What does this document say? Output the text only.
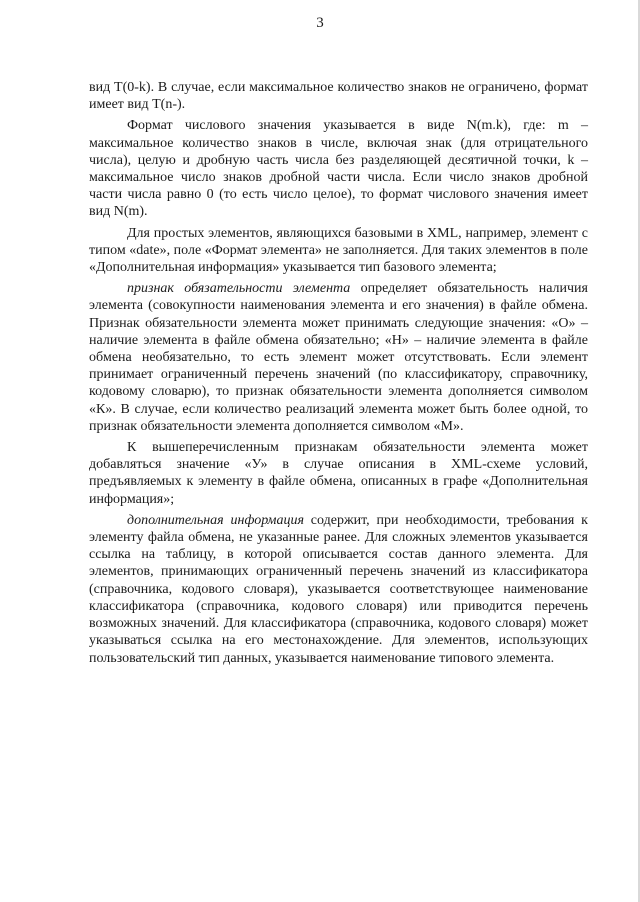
3

вид T(0-k). В случае, если максимальное количество знаков не ограничено, формат имеет вид T(n-).

Формат числового значения указывается в виде N(m.k), где: m – максимальное количество знаков в числе, включая знак (для отрицательного числа), целую и дробную часть числа без разделяющей десятичной точки, k – максимальное число знаков дробной части числа. Если число знаков дробной части числа равно 0 (то есть число целое), то формат числового значения имеет вид N(m).

Для простых элементов, являющихся базовыми в XML, например, элемент с типом «date», поле «Формат элемента» не заполняется. Для таких элементов в поле «Дополнительная информация» указывается тип базового элемента;

признак обязательности элемента определяет обязательность наличия элемента (совокупности наименования элемента и его значения) в файле обмена. Признак обязательности элемента может принимать следующие значения: «О» – наличие элемента в файле обмена обязательно; «Н» – наличие элемента в файле обмена необязательно, то есть элемент может отсутствовать. Если элемент принимает ограниченный перечень значений (по классификатору, справочнику, кодовому словарю), то признак обязательности элемента дополняется символом «К». В случае, если количество реализаций элемента может быть более одной, то признак обязательности элемента дополняется символом «М».

К вышеперечисленным признакам обязательности элемента может добавляться значение «У» в случае описания в XML-схеме условий, предъявляемых к элементу в файле обмена, описанных в графе «Дополнительная информация»;

дополнительная информация содержит, при необходимости, требования к элементу файла обмена, не указанные ранее. Для сложных элементов указывается ссылка на таблицу, в которой описывается состав данного элемента. Для элементов, принимающих ограниченный перечень значений из классификатора (справочника, кодового словаря), указывается соответствующее наименование классификатора (справочника, кодового словаря) или приводится перечень возможных значений. Для классификатора (справочника, кодового словаря) может указываться ссылка на его местонахождение. Для элементов, использующих пользовательский тип данных, указывается наименование типового элемента.
